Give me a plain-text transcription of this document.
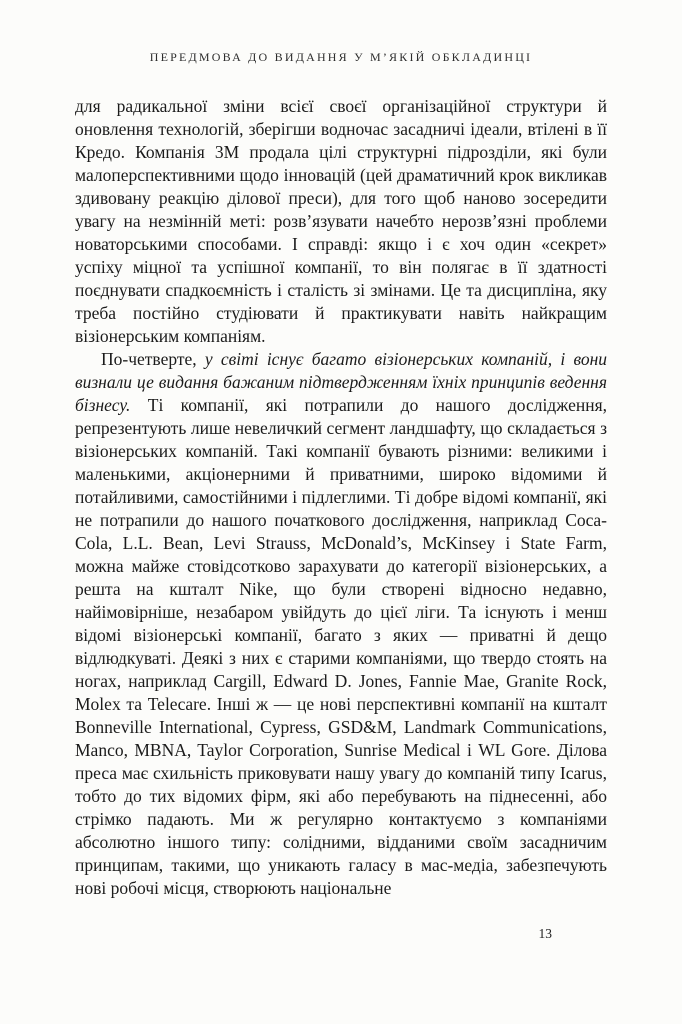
ПЕРЕДМОВА ДО ВИДАННЯ У М’ЯКІЙ ОБКЛАДИНЦІ

для радикальної зміни всієї своєї організаційної структури й оновлення технологій, зберігши водночас засадничі ідеали, втілені в її Кредо. Компанія 3М продала цілі структурні підрозділи, які були малоперспективними щодо інновацій (цей драматичний крок викликав здивовану реакцію ділової преси), для того щоб наново зосередити увагу на незмінній меті: розв’язувати начебто нерозв’язні проблеми новаторськими способами. І справді: якщо і є хоч один «секрет» успіху міцної та успішної компанії, то він полягає в її здатності поєднувати спадкоємність і сталість зі змінами. Це та дисципліна, яку треба постійно студіювати й практикувати навіть найкращим візіонерським компаніям.

По-четверте, у світі існує багато візіонерських компаній, і вони визнали це видання бажаним підтвердженням їхніх принципів ведення бізнесу. Ті компанії, які потрапили до нашого дослідження, репрезентують лише невеличкий сегмент ландшафту, що складається з візіонерських компаній. Такі компанії бувають різними: великими і маленькими, акціонерними й приватними, широко відомими й потайливими, самостійними і підлеглими. Ті добре відомі компанії, які не потрапили до нашого початкового дослідження, наприклад Coca-Cola, L.L. Bean, Levi Strauss, McDonald’s, McKinsey і State Farm, можна майже стовідсотково зарахувати до категорії візіонерських, а решта на кшталт Nike, що були створені відносно недавно, найімовірніше, незабаром увійдуть до цієї ліги. Та існують і менш відомі візіонерські компанії, багато з яких — приватні й дещо відлюдкуваті. Деякі з них є старими компаніями, що твердо стоять на ногах, наприклад Cargill, Edward D. Jones, Fannie Mae, Granite Rock, Molex та Telecare. Інші ж — це нові перспективні компанії на кшталт Bonneville International, Cypress, GSD&M, Landmark Communications, Manco, MBNA, Taylor Corporation, Sunrise Medical і WL Gore. Ділова преса має схильність приковувати нашу увагу до компаній типу Icarus, тобто до тих відомих фірм, які або перебувають на піднесенні, або стрімко падають. Ми ж регулярно контактуємо з компаніями абсолютно іншого типу: солідними, відданими своїм засадничим принципам, такими, що уникають галасу в мас-медіа, забезпечують нові робочі місця, створюють національне

13
